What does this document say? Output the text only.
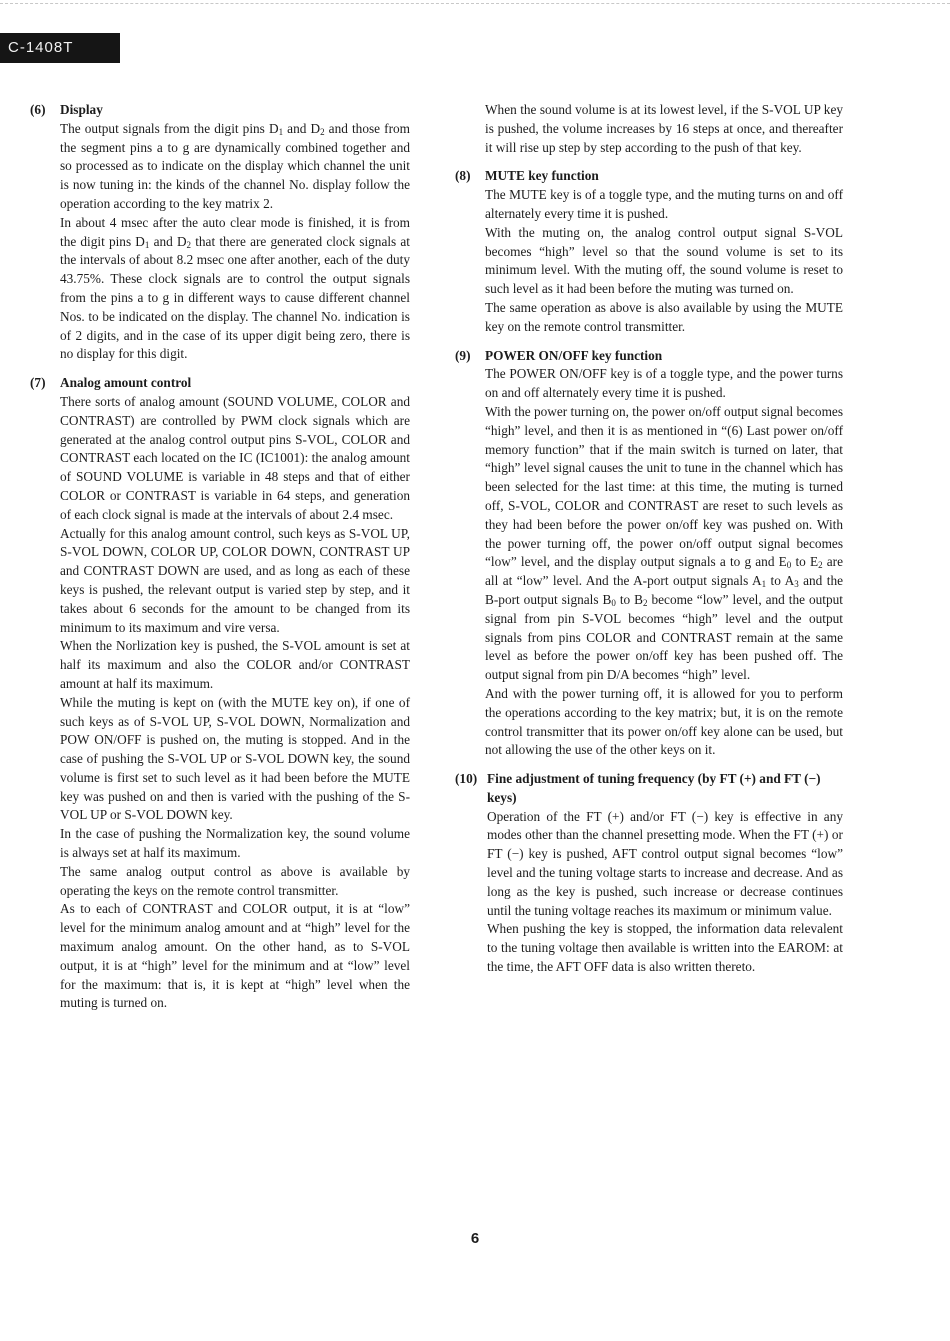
C-1408T
(6) Display
The output signals from the digit pins $D_1$ and $D_2$ and those from the segment pins a to g are dynamically combined together and so processed as to indicate on the display which channel the unit is now tuning in: the kinds of the channel No. display follow the operation according to the key matrix 2.
In about 4 msec after the auto clear mode is finished, it is from the digit pins $D_1$ and $D_2$ that there are generated clock signals at the intervals of about 8.2 msec one after another, each of the duty 43.75%. These clock signals are to control the output signals from the pins a to g in different ways to cause different channel Nos. to be indicated on the display. The channel No. indication is of 2 digits, and in the case of its upper digit being zero, there is no display for this digit.
(7) Analog amount control
There sorts of analog amount (SOUND VOLUME, COLOR and CONTRAST) are controlled by PWM clock signals which are generated at the analog control output pins S-VOL, COLOR and CONTRAST each located on the IC (IC1001): the analog amount of SOUND VOLUME is variable in 48 steps and that of either COLOR or CONTRAST is variable in 64 steps, and generation of each clock signal is made at the intervals of about 2.4 msec.
Actually for this analog amount control, such keys as S-VOL UP, S-VOL DOWN, COLOR UP, COLOR DOWN, CONTRAST UP and CONTRAST DOWN are used, and as long as each of these keys is pushed, the relevant output is varied step by step, and it takes about 6 seconds for the amount to be changed from its minimum to its maximum and vire versa.
When the Norlization key is pushed, the S-VOL amount is set at half its maximum and also the COLOR and/or CONTRAST amount at half its maximum.
While the muting is kept on (with the MUTE key on), if one of such keys as of S-VOL UP, S-VOL DOWN, Normalization and POW ON/OFF is pushed on, the muting is stopped. And in the case of pushing the S-VOL UP or S-VOL DOWN key, the sound volume is first set to such level as it had been before the MUTE key was pushed on and then is varied with the pushing of the S-VOL UP or S-VOL DOWN key.
In the case of pushing the Normalization key, the sound volume is always set at half its maximum.
The same analog output control as above is available by operating the keys on the remote control transmitter.
As to each of CONTRAST and COLOR output, it is at “low” level for the minimum analog amount and at “high” level for the maximum analog amount. On the other hand, as to S-VOL output, it is at “high” level for the minimum and at “low” level for the maximum: that is, it is kept at “high” level when the muting is turned on.
When the sound volume is at its lowest level, if the S-VOL UP key is pushed, the volume increases by 16 steps at once, and thereafter it will rise up step by step according to the push of that key.
(8) MUTE key function
The MUTE key is of a toggle type, and the muting turns on and off alternately every time it is pushed.
With the muting on, the analog control output signal S-VOL becomes “high” level so that the sound volume is set to its minimum level. With the muting off, the sound volume is reset to such level as it had been before the muting was turned on.
The same operation as above is also available by using the MUTE key on the remote control transmitter.
(9) POWER ON/OFF key function
The POWER ON/OFF key is of a toggle type, and the power turns on and off alternately every time it is pushed.
With the power turning on, the power on/off output signal becomes “high” level, and then it is as mentioned in “(6) Last power on/off memory function” that if the main switch is turned on later, that “high” level signal causes the unit to tune in the channel which has been selected for the last time: at this time, the muting is turned off, S-VOL, COLOR and CONTRAST are reset to such levels as they had been before the power on/off key was pushed on. With the power turning off, the power on/off output signal becomes “low” level, and the display output signals a to g and $E_0$ to $E_2$ are all at “low” level. And the A-port output signals $A_1$ to $A_3$ and the B-port output signals $B_0$ to $B_2$ become “low” level, and the output signal from pin S-VOL becomes “high” level and the output signals from pins COLOR and CONTRAST remain at the same level as before the power on/off key has been pushed off. The output signal from pin D/A becomes “high” level.
And with the power turning off, it is allowed for you to perform the operations according to the key matrix; but, it is on the remote control transmitter that its power on/off key alone can be used, but not allowing the use of the other keys on it.
(10) Fine adjustment of tuning frequency (by FT (+) and FT (−) keys)
Operation of the FT (+) and/or FT (−) key is effective in any modes other than the channel presetting mode. When the FT (+) or FT (−) key is pushed, AFT control output signal becomes “low” level and the tuning voltage starts to increase and decrease. And as long as the key is pushed, such increase or decrease continues until the tuning voltage reaches its maximum or minimum value.
When pushing the key is stopped, the information data relevalent to the tuning voltage then available is written into the EAROM: at the time, the AFT OFF data is also written thereto.
6
